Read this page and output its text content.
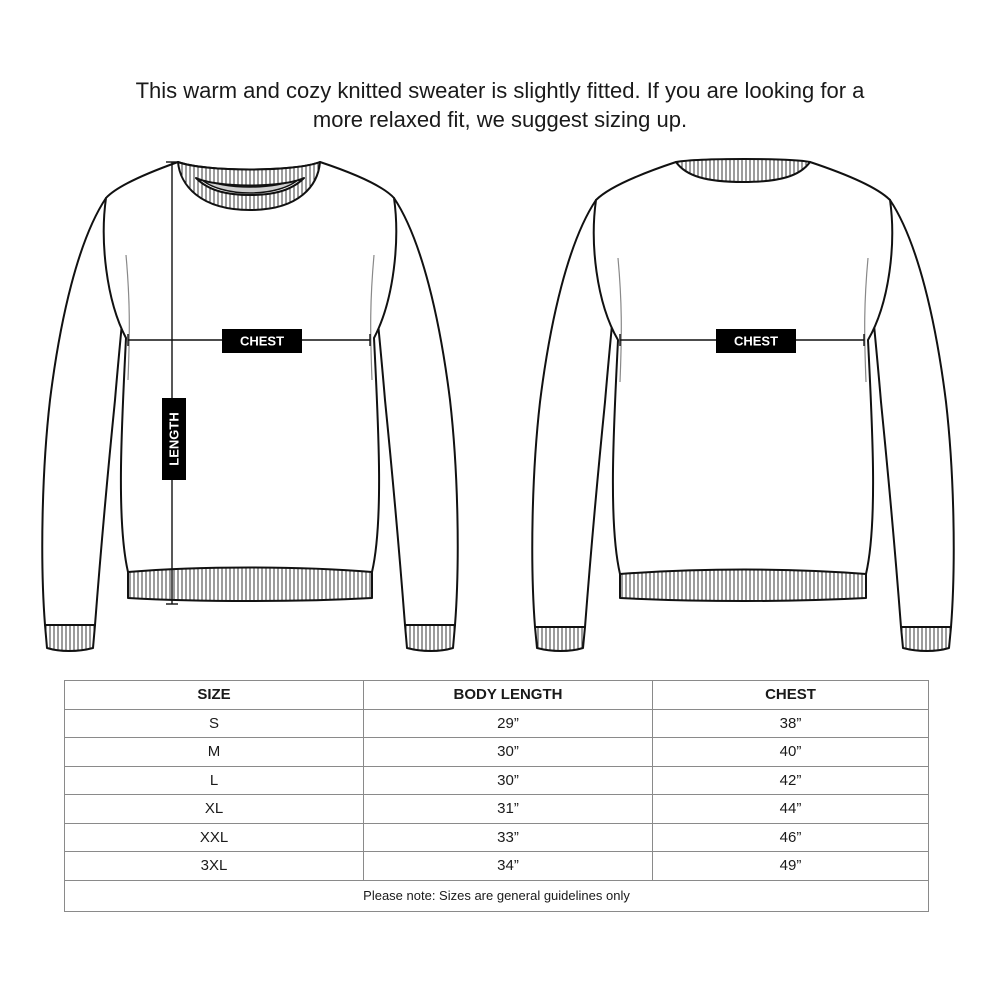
This warm and cozy knitted sweater is slightly fitted. If you are looking for a
more relaxed fit, we suggest sizing up.
CHEST
LENGTH
CHEST
SIZE	BODY LENGTH	CHEST
S	29”	38”
M	30”	40”
L	30”	42”
XL	31”	44”
XXL	33”	46”
3XL	34”	49”
Please note: Sizes are general guidelines only		
